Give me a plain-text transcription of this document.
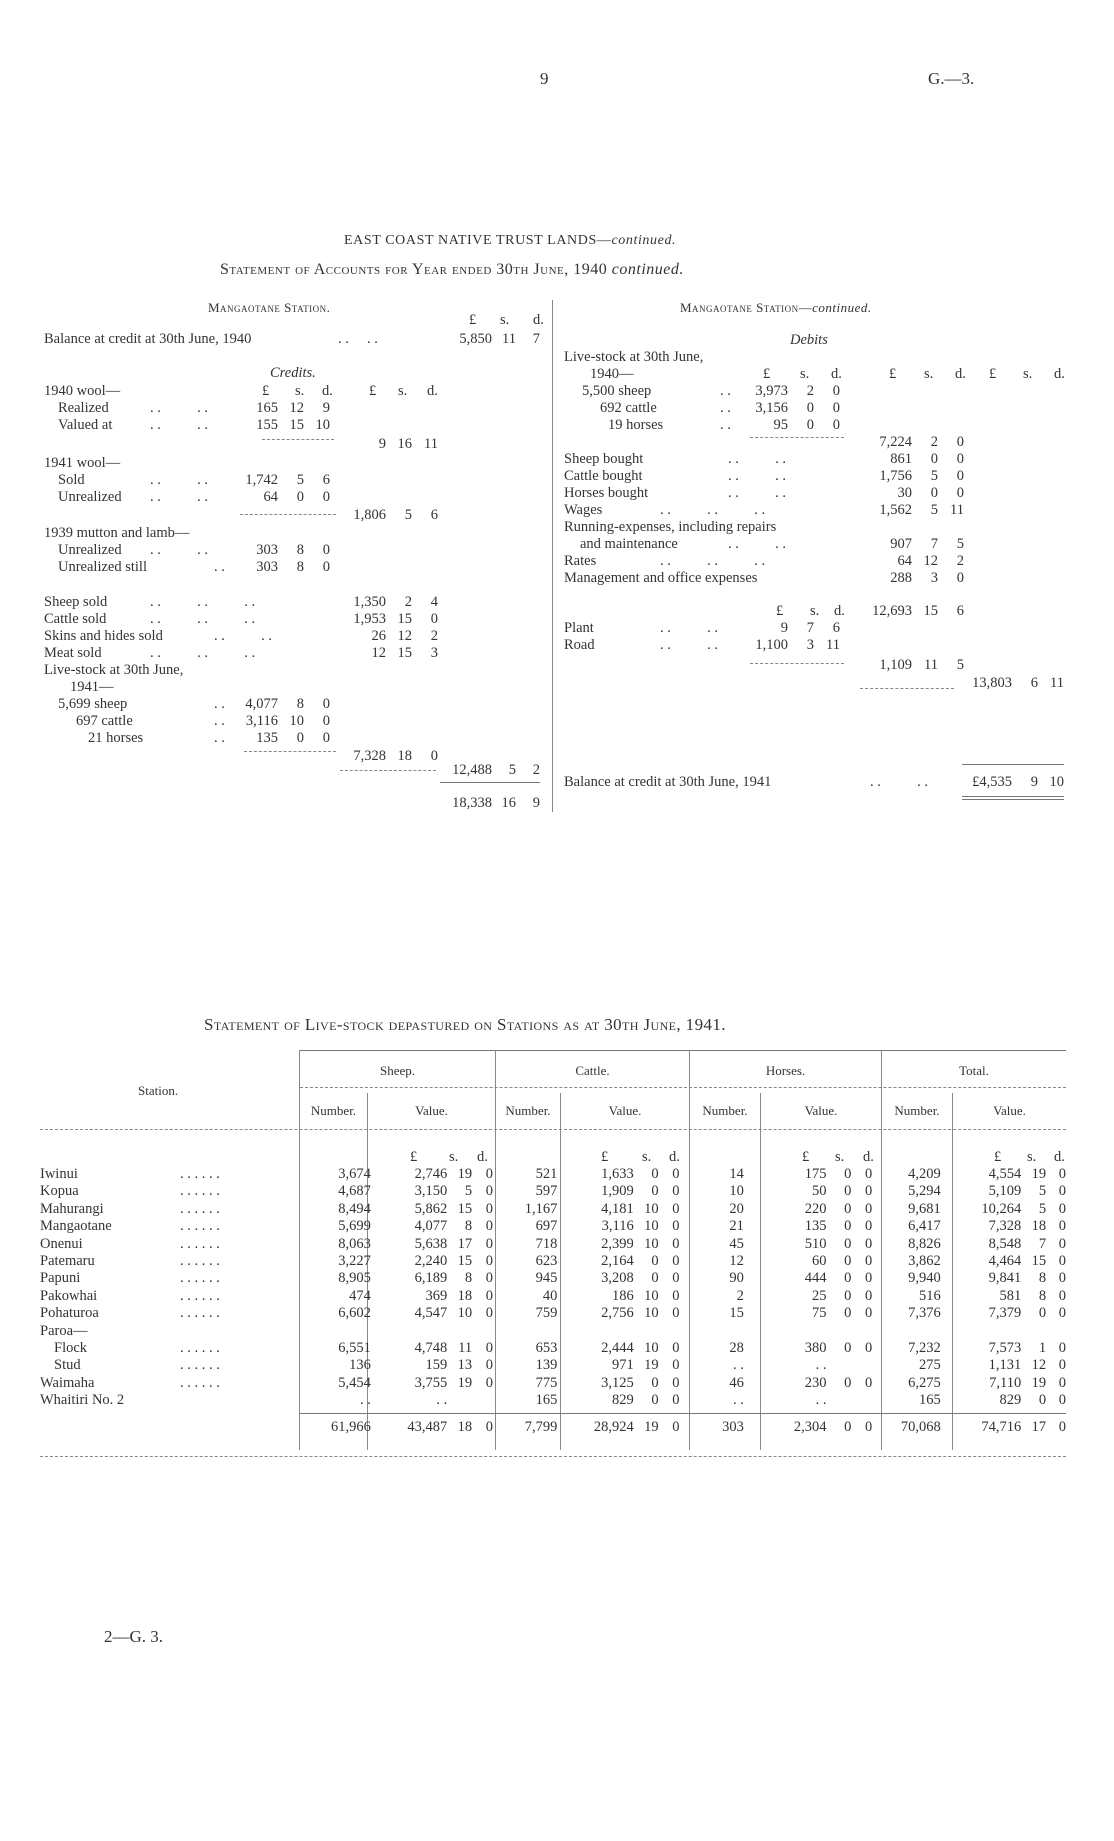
9	G.—3.
EAST COAST NATIVE TRUST LANDS—continued.
Statement of Accounts for Year ended 30th June, 1940 continued.
Mangaotane Station.
£ s. d.
Balance at credit at 30th June, 1940	. .     . .	5,850 11	7
Credits.
£ s. d. £ s. d.
1940 wool—
Realized	. .          . .	165 12	9
Valued at	. .          . .	155 15 10
9 16 11
1941 wool—
Sold	. .          . .	1,742	5	6
Unrealized . .          . .	64	0	0
1,806	5	6
1939 mutton and lamb—
Unrealized . .          . .	303	8	0
Unrealized still	. .	303	8	0
Sheep sold	. .          . .          . .	1,350	2	4
Cattle sold	. .          . .          . .	1,953 15	0
Skins and hides sold	. .          . .	26 12	2
Meat sold	. .          . .          . .	12 15	3
Live-stock at 30th June,
1941—
5,699 sheep	. .	4,077	8	0
697 cattle	. .	3,116 10	0
21 horses	. .	135	0	0
7,328 18	0
12,488	5	2
18,338 16	9
Mangaotane Station—continued.
Debits
Live-stock at 30th June,
1940—	£ s. d.	£ s. d. £ s. d.
5,500 sheep	. .	3,973	2	0
692 cattle	. .	3,156	0	0
19 horses	. .	95	0	0
7,224	2	0
Sheep bought	. .          . .	861	0	0
Cattle bought	. .          . .	1,756	5	0
Horses bought	. .          . .	30	0	0
Wages	. .          . .          . .	1,562	5 11
Running-expenses, including repairs
and maintenance	. .          . .	907	7	5
Rates	. .          . .          . .	64 12	2
Management and office expenses	288	3	0
£ s. d.	12,693 15	6
Plant	. .          . .	9	7	6
Road	. .          . .	1,100	3 11
1,109 11	5
13,803	6 11
Balance at credit at 30th June, 1941	. .          . .	£4,535	9 10
Statement of Live-stock depastured on Stations as at 30th June, 1941.
Station.
Sheep.	Cattle.	Horses.	Total.
Number.	Value.	Number.	Value.	Number.	Value.	Number.	Value.
£ s. d.	£ s. d.	£ s. d.	£ s. d.
Iwinui . . . . . .	3,674	2,746	19	0	521	1,633	0	0	14	175	0	0	4,209	4,554	19	0
Kopua . . . . . .	4,687	3,150	5	0	597	1,909	0	0	10	50	0	0	5,294	5,109	5	0
Mahurangi . . . . . .	8,494	5,862	15	0	1,167	4,181	10	0	20	220	0	0	9,681	10,264	5	0
Mangaotane . . . . . .	5,699	4,077	8	0	697	3,116	10	0	21	135	0	0	6,417	7,328	18	0
Onenui . . . . . .	8,063	5,638	17	0	718	2,399	10	0	45	510	0	0	8,826	8,548	7	0
Patemaru . . . . . .	3,227	2,240	15	0	623	2,164	0	0	12	60	0	0	3,862	4,464	15	0
Papuni . . . . . .	8,905	6,189	8	0	945	3,208	0	0	90	444	0	0	9,940	9,841	8	0
Pakowhai . . . . . .	474	369	18	0	40	186	10	0	2	25	0	0	516	581	8	0
Pohaturoa . . . . . .	6,602	4,547	10	0	759	2,756	10	0	15	75	0	0	7,376	7,379	0	0
Paroa—

Flock . . . . . .	6,551	4,748	11	0	653	2,444	10	0	28	380	0	0	7,232	7,573	1	0
Stud . . . . . .	136	159	13	0	139	971	19	0	. .	. .			275	1,131	12	0
Waimaha . . . . . .	5,454	3,755	19	0	775	3,125	0	0	46	230	0	0	6,275	7,110	19	0
Whaitiri No. 2	. .	. .			165	829	0	0	. .	. .			165	829	0	0

	61,966	43,487	18	0	7,799	28,924	19	0	303	2,304	0	0	70,068	74,716	17	0
2—G. 3.
